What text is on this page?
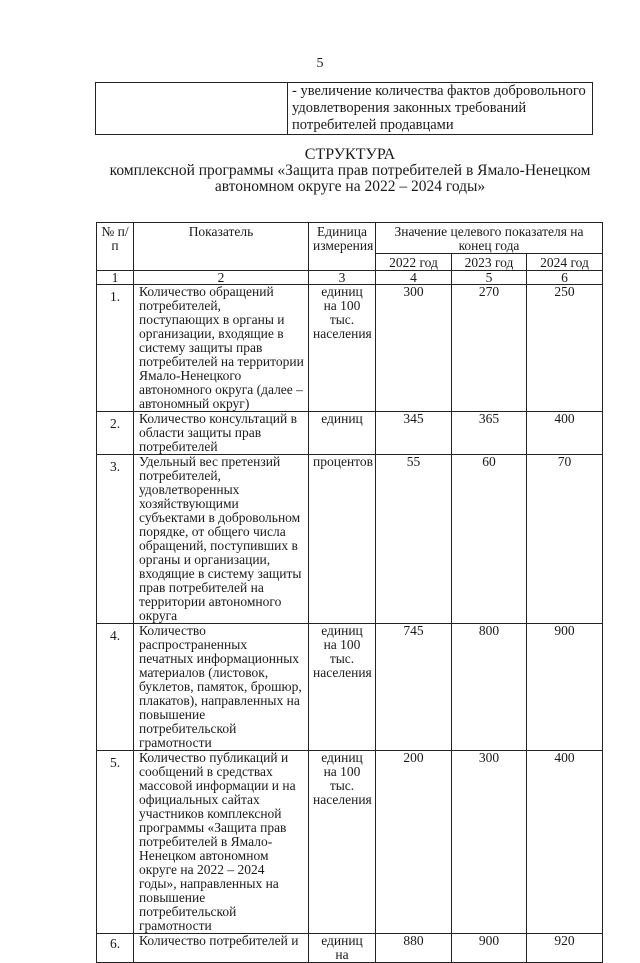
5
	- увеличение количества фактов добровольного удовлетворения законных требований потребителей продавцами
СТРУКТУРА
комплексной программы «Защита прав потребителей в Ямало-Ненецком
автономном округе на 2022 – 2024 годы»
№ п/п	Показатель	Единица измерения	Значение целевого показателя на конец года		
			2022 год	2023 год	2024 год
1	2	3	4	5	6

1.	Количество обращений потребителей, поступающих в органы и организации, входящие в систему защиты прав потребителей на территории Ямало-Ненецкого автономного округа (далее – автономный округ)	единиц на 100 тыс. населения	300	270	250

2.	Количество консультаций в области защиты прав потребителей	единиц	345	365	400

3.	Удельный вес претензий потребителей, удовлетворенных хозяйствующими субъектами в добровольном порядке, от общего числа обращений, поступивших в органы и организации, входящие в систему защиты прав потребителей на территории автономного округа	процентов	55	60	70

4.	Количество распространенных печатных информационных материалов (листовок, буклетов, памяток, брошюр, плакатов), направленных на повышение потребительской грамотности	единиц на 100 тыс. населения	745	800	900

5.	Количество публикаций и сообщений в средствах массовой информации и на официальных сайтах участников комплексной программы «Защита прав потребителей в Ямало-Ненецком автономном округе на 2022 – 2024 годы», направленных на повышение потребительской грамотности	единиц на 100 тыс. населения	200	300	400

6.	Количество потребителей и	единиц на	880	900	920
